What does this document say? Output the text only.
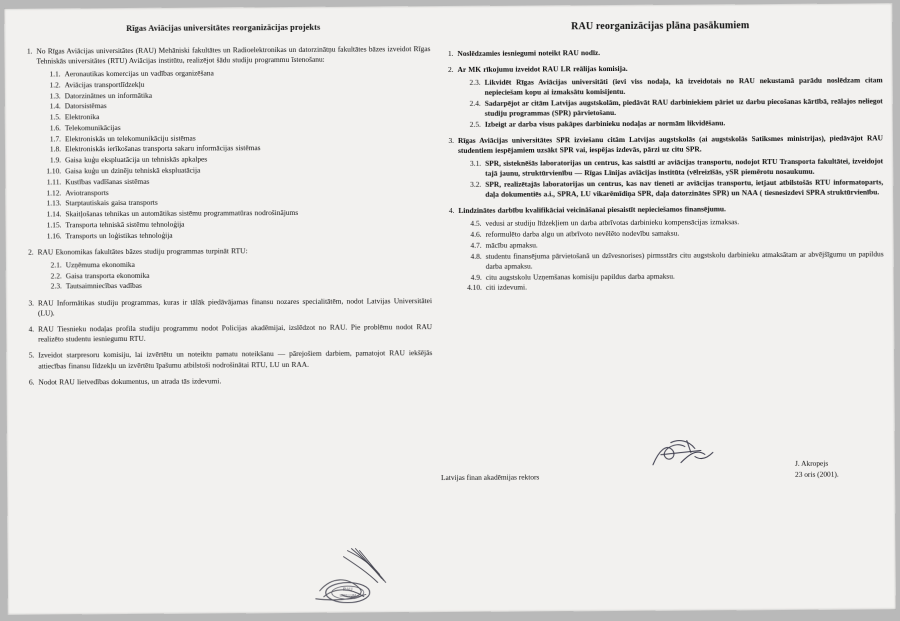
Rīgas Aviācijas universitātes reorganizācijas projekts
1. No Rīgas Aviācijas universitātes (RAU) Mehāniski fakultātes un Radioelektronikas un datorzinātņu fakultātes bāzes izveidot Rīgas Tehniskās universitātes (RTU) Aviācijas institūtu, realizējot šādu studiju programmu īstenošanu:
1.1. Aeronautikas komercijas un vadības organizēšana
1.2. Aviācijas transportlīdzekļu
1.3. Datorzinātnes un informātika
1.4. Datorsistēmas
1.5. Elektronika
1.6. Telekomunikācijas
1.7. Elektroniskās un telekomunikāciju sistēmas
1.8. Elektroniskās ierīkošanas transporta sakaru informācijas sistēmas
1.9. Gaisa kuģu ekspluatācija un tehniskās apkalpes
1.10. Gaisa kuģu un dzinēju tehniskā ekspluatācija
1.11. Kustības vadīšanas sistēmas
1.12. Aviotransports
1.13. Starptautiskais gaisa transports
1.14. Skaitļošanas tehnikas un automātikas sistēmu programmatūras nodrošinājums
1.15. Transporta tehniskā sistēmu tehnoloģija
1.16. Transports un loģistikas tehnoloģija
2. RAU Ekonomikas fakultātes bāzes studiju programmas turpināt RTU:
2.1. Uzņēmuma ekonomika
2.2. Gaisa transporta ekonomika
2.3. Tautsaimniecības vadības
3. RAU Informātikas studiju programmas, kuras ir tālāk piedāvājamas finansu nozares specialitātēm, nodot Latvijas Universitātei (LU).
4. RAU Tiesnieku nodaļas profila studiju programmu nodot Policijas akadēmijai, izslēdzot no RAU. Pie problēmu nodot RAU realizēto studentu iesniegumu RTU.
5. Izveidot starpresoru komisiju, lai izvērtētu un noteiktu pamatu noteikšanu — pārejošiem darbiem, pamatojot RAU iekšējās attiecības finansu līdzekļu un izvērtētu īpašumu atbilstoši nodrošinātai RTU, LU un RAA.
6. Nodot RAU lietvedības dokumentus, un atrada tās izdevumi.
RAU reorganizācijas plāna pasākumiem
1. Noslēdzamies iesniegumi noteikt RAU nodīz.
2. Ar MK rīkojumu izveidot RAU LR reālijas komisija.
2.3. Likvidēt Rīgas Aviācijas universitāti (ievi viss nodaļa, kā izveidotais no RAU nekustamā parādu noslēdzam citam nepieciešam kopu ai izmaksātu komisijentu.
2.4. Sadarpējot ar citām Latvijas augstskolām, piedāvāt RAU darbiniekiem pāriet uz darbu piecošanas kārtībā, reālajos neliegot studiju programmas (SPR) pārvietošanu.
2.5. Izbeigt ar darba visus pakāpes darbinieku nodaļas ar normām likvidēšanu.
3. Rīgas Aviācijas universitātes SPR izviešanu citām Latvijas augstskolās (ai augstskolās Satiksmes ministrijas), piedāvājot RAU studentiem iespējamiem uzsākt SPR vai, iespējas izdevās, pārzi uz citu SPR.
3.1. SPR, sisteknēšās laboratorijas un centrus, kas saistīti ar aviācijas transportu, nodojot RTU Transporta fakultātei, izveidojot tajā jaunu, struktūrvienību — Rīgas Līnijas aviācijas institūta (vēlreizīšās, ySR piemērotu nosaukumu.
3.2. SPR, realizētajās laboratorijas un centrus, kas nav tieneti ar aviācijas transportu, ietjaut atbilstošās RTU informatoparts, daļa dokumentiēs a.i., SPRA, LU vikarēmīdiņa SPR, daļa datorzinātes SPR) un NAA ( tiesnesizdevi SPRA struktūrvienību.
4. Lindzinātes darbību kvalifikāciai veicināšanai piesaistīt nepieciešamos finansējumu.
4.5. vedusi ar studiju līdzekļiem un darba atbrīvotas darbinieku kompensācijas izmaksas.
4.6. reformulēto darba algu un atbrīvoto nevēlēto nodevību samaksu.
4.7. mācību apmaksu.
4.8. studentu finansējuma pārvietošanā un dzīvesnorises) pirmsstārs citu augstskolu darbinieku atmaksātam ar abvējšīgumu un papildus darba apmaksu.
4.9. citu augstskolu Uzņemšanas komisiju papildus darba apmaksu.
4.10. citi izdevumi.
Latvijas finan akadēmijas rektors
J. Akropejs
23 oris (2001).
RAU
SIGILLUM
